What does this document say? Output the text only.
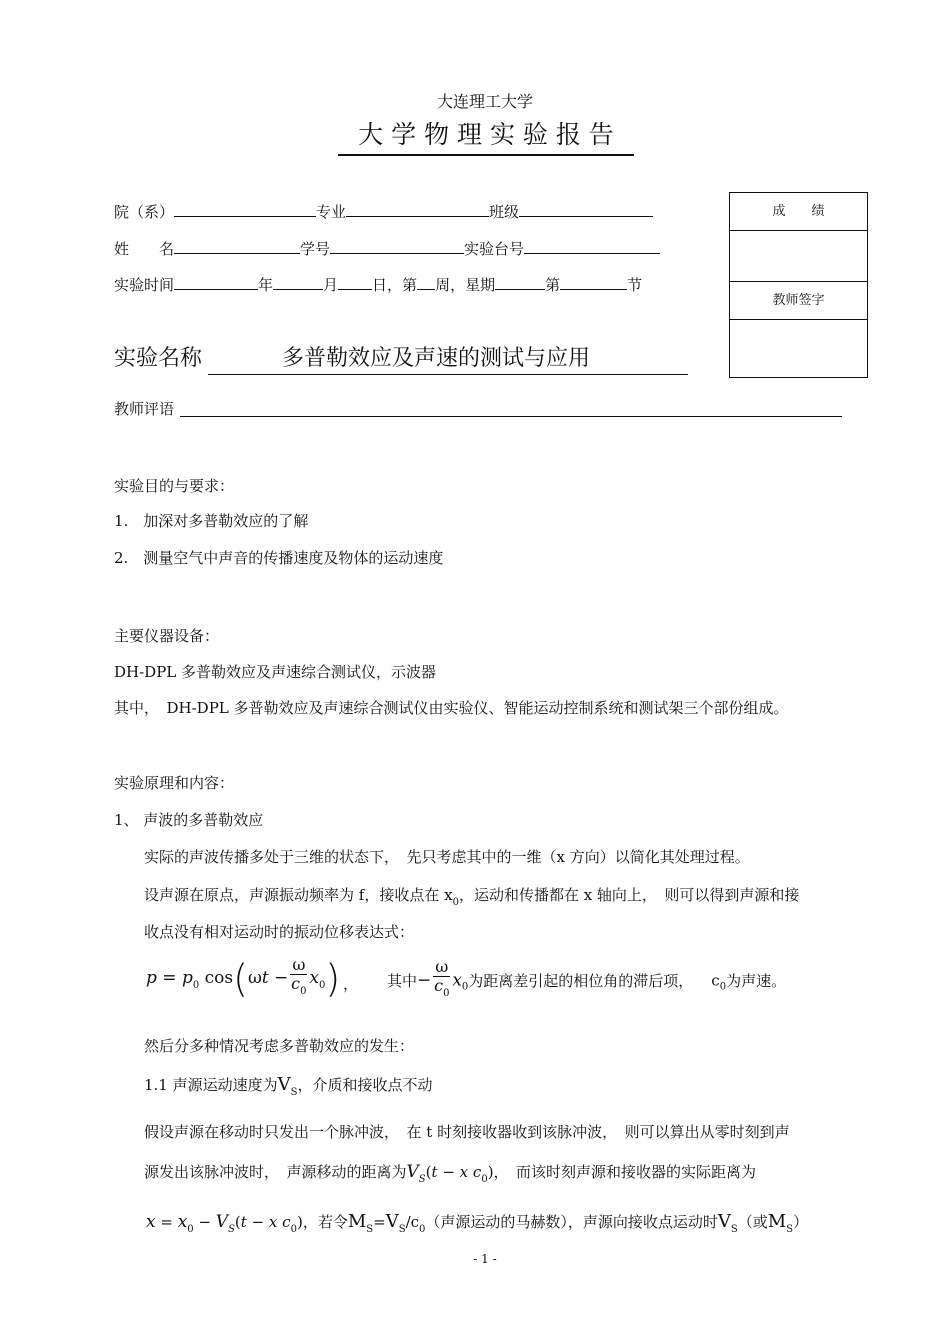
大连理工大学
大 学 物 理 实 验 报 告
院（系）	专业	班级
姓　　名	学号	实验台号
实验时间	年	月 日，第 周，星期	第	节
成　　绩
教师签字
实验名称	多普勒效应及声速的测试与应用
教师评语
实验目的与要求：
1.　加深对多普勒效应的了解
2.　测量空气中声音的传播速度及物体的运动速度
主要仪器设备：
DH-DPL 多普勒效应及声速综合测试仪，示波器
其中，　DH-DPL 多普勒效应及声速综合测试仪由实验仪、智能运动控制系统和测试架三个部份组成。
实验原理和内容：
1、 声波的多普勒效应
实际的声波传播多处于三维的状态下，　先只考虑其中的一维（x 方向）以简化其处理过程。
设声源在原点，声源振动频率为 f，接收点在 $x_0$，运动和传播都在 x 轴向上，　则可以得到声源和接
收点没有相对运动时的振动位移表达式：
$p = p_0$ $\cos(\omega t - \frac{\omega}{c_0} x_0)$ ， 其中− $\frac{\omega}{c_0} x_0$为距离差引起的相位角的滞后项， $c_0$为声速。
然后分多种情况考虑多普勒效应的发生：
1.1 声源运动速度为$V_S$，介质和接收点不动
假设声源在移动时只发出一个脉冲波，　在 t 时刻接收器收到该脉冲波，　则可以算出从零时刻到声
源发出该脉冲波时，　声源移动的距离为$V_S(t - x$ $c_0$)，　而该时刻声源和接收器的实际距离为
$x = x_0 - V_S(t - x$ $c_0$)，若令$M_S=V_S/c_0$（声源运动的马赫数），声源向接收点运动时$V_S$（或$M_S$）
- 1 -
